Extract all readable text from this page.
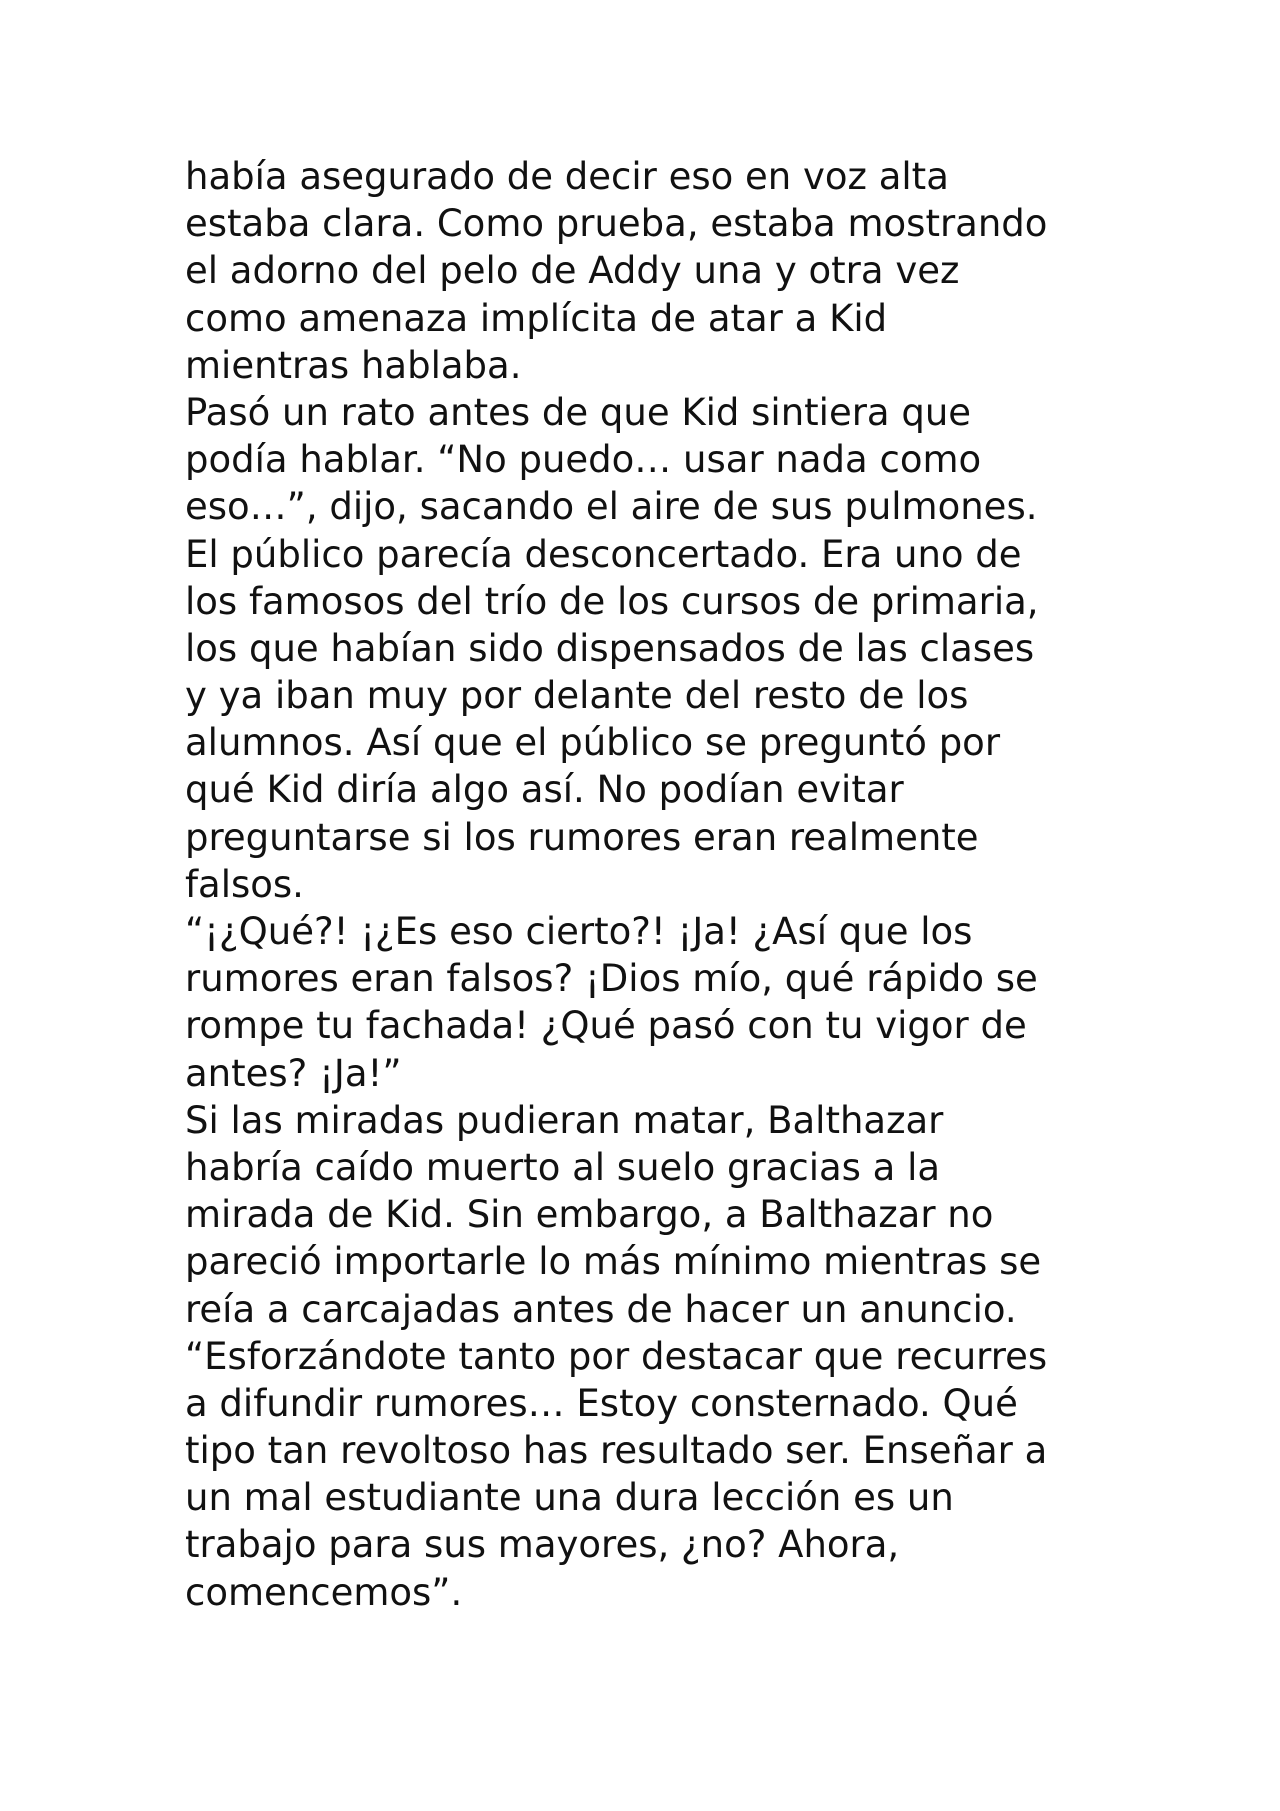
había asegurado de decir eso en voz alta
estaba clara. Como prueba, estaba mostrando
el adorno del pelo de Addy una y otra vez
como amenaza implícita de atar a Kid
mientras hablaba.
Pasó un rato antes de que Kid sintiera que
podía hablar. “No puedo… usar nada como
eso…”, dijo, sacando el aire de sus pulmones.
El público parecía desconcertado. Era uno de
los famosos del trío de los cursos de primaria,
los que habían sido dispensados de las clases
y ya iban muy por delante del resto de los
alumnos. Así que el público se preguntó por
qué Kid diría algo así. No podían evitar
preguntarse si los rumores eran realmente
falsos.
“¡¿Qué?! ¡¿Es eso cierto?! ¡Ja! ¿Así que los
rumores eran falsos? ¡Dios mío, qué rápido se
rompe tu fachada! ¿Qué pasó con tu vigor de
antes? ¡Ja!”
Si las miradas pudieran matar, Balthazar
habría caído muerto al suelo gracias a la
mirada de Kid. Sin embargo, a Balthazar no
pareció importarle lo más mínimo mientras se
reía a carcajadas antes de hacer un anuncio.
“Esforzándote tanto por destacar que recurres
a difundir rumores… Estoy consternado. Qué
tipo tan revoltoso has resultado ser. Enseñar a
un mal estudiante una dura lección es un
trabajo para sus mayores, ¿no? Ahora,
comencemos”.
